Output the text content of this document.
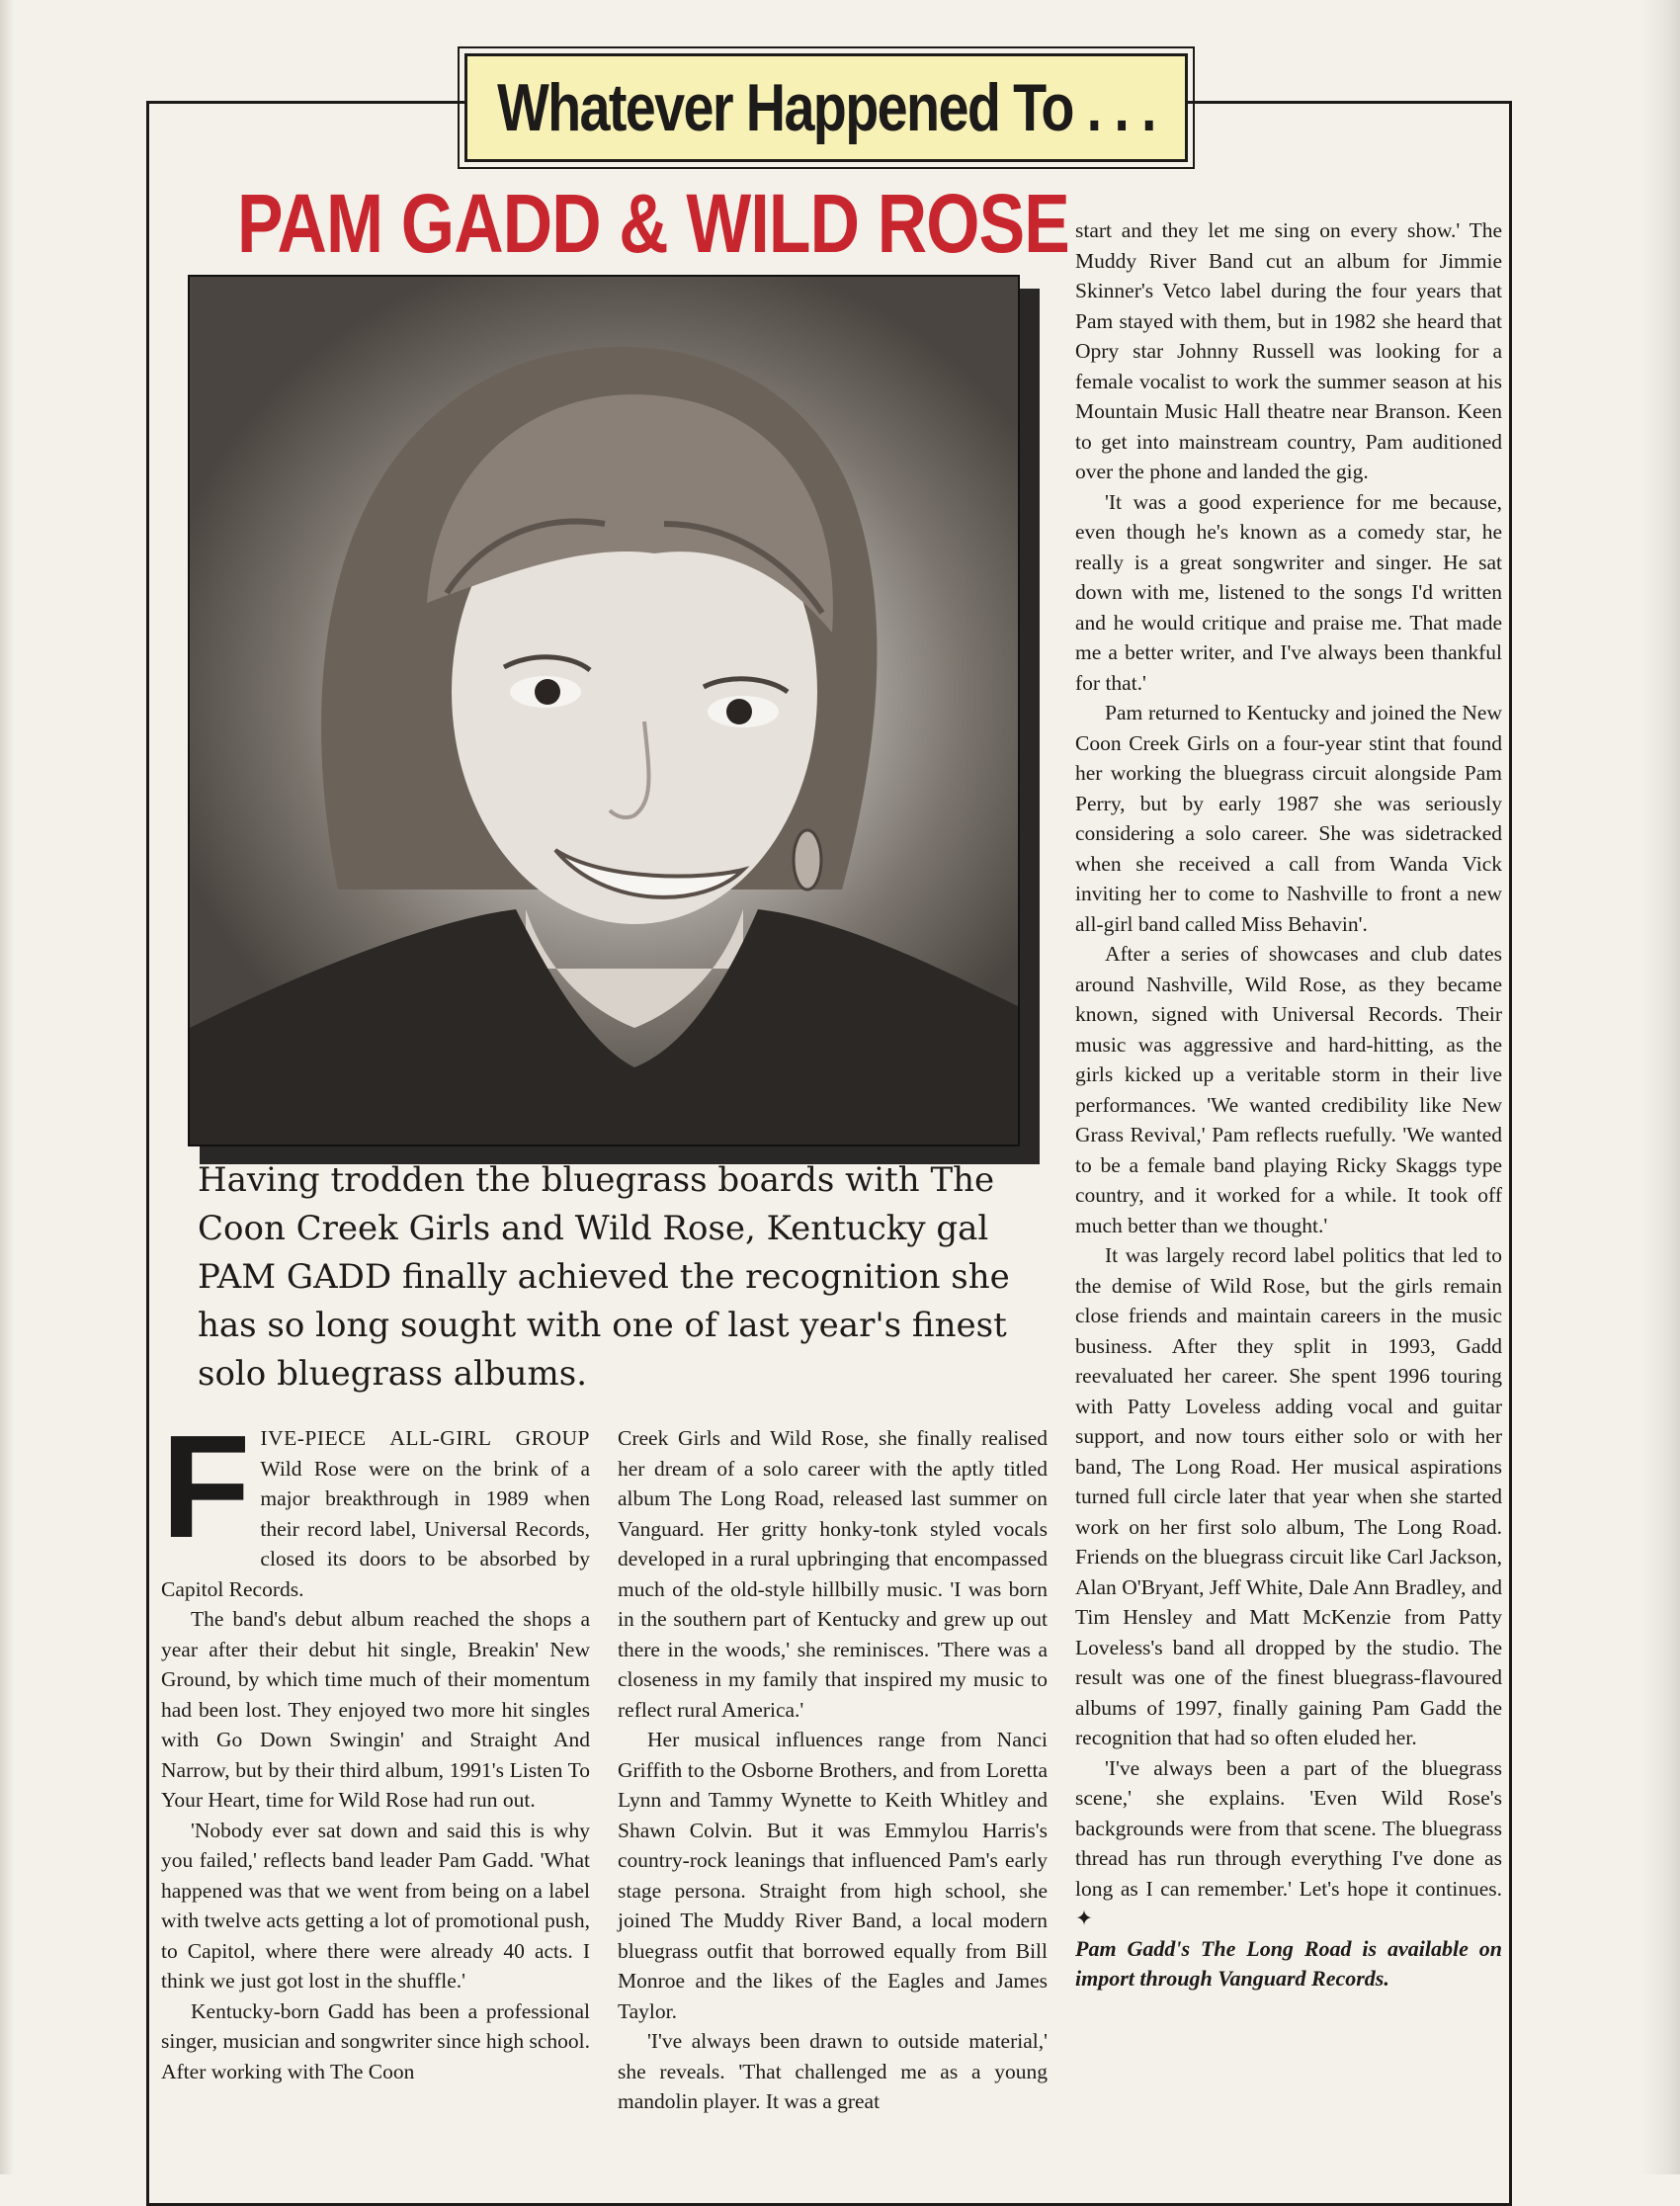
Whatever Happened To . . .
PAM GADD & WILD ROSE
Having trodden the bluegrass boards with The Coon Creek Girls and Wild Rose, Kentucky gal PAM GADD finally achieved the recognition she has so long sought with one of last year's finest solo bluegrass albums.

FIVE-PIECE ALL-GIRL GROUP Wild Rose were on the brink of a major breakthrough in 1989 when their record label, Universal Records, closed its doors to be absorbed by Capitol Records.

The band's debut album reached the shops a year after their debut hit single, Breakin' New Ground, by which time much of their momentum had been lost. They enjoyed two more hit singles with Go Down Swingin' and Straight And Narrow, but by their third album, 1991's Listen To Your Heart, time for Wild Rose had run out.

'Nobody ever sat down and said this is why you failed,' reflects band leader Pam Gadd. 'What happened was that we went from being on a label with twelve acts getting a lot of promotional push, to Capitol, where there were already 40 acts. I think we just got lost in the shuffle.'

Kentucky-born Gadd has been a professional singer, musician and songwriter since high school. After working with The Coon

Creek Girls and Wild Rose, she finally realised her dream of a solo career with the aptly titled album The Long Road, released last summer on Vanguard. Her gritty honky-tonk styled vocals developed in a rural upbringing that encompassed much of the old-style hillbilly music. 'I was born in the southern part of Kentucky and grew up out there in the woods,' she reminisces. 'There was a closeness in my family that inspired my music to reflect rural America.'

Her musical influences range from Nanci Griffith to the Osborne Brothers, and from Loretta Lynn and Tammy Wynette to Keith Whitley and Shawn Colvin. But it was Emmylou Harris's country-rock leanings that influenced Pam's early stage persona. Straight from high school, she joined The Muddy River Band, a local modern bluegrass outfit that borrowed equally from Bill Monroe and the likes of the Eagles and James Taylor.

'I've always been drawn to outside material,' she reveals. 'That challenged me as a young mandolin player. It was a great

start and they let me sing on every show.' The Muddy River Band cut an album for Jimmie Skinner's Vetco label during the four years that Pam stayed with them, but in 1982 she heard that Opry star Johnny Russell was looking for a female vocalist to work the summer season at his Mountain Music Hall theatre near Branson. Keen to get into mainstream country, Pam auditioned over the phone and landed the gig.

'It was a good experience for me because, even though he's known as a comedy star, he really is a great songwriter and singer. He sat down with me, listened to the songs I'd written and he would critique and praise me. That made me a better writer, and I've always been thankful for that.'

Pam returned to Kentucky and joined the New Coon Creek Girls on a four-year stint that found her working the bluegrass circuit alongside Pam Perry, but by early 1987 she was seriously considering a solo career. She was sidetracked when she received a call from Wanda Vick inviting her to come to Nashville to front a new all-girl band called Miss Behavin'.

After a series of showcases and club dates around Nashville, Wild Rose, as they became known, signed with Universal Records. Their music was aggressive and hard-hitting, as the girls kicked up a veritable storm in their live performances. 'We wanted credibility like New Grass Revival,' Pam reflects ruefully. 'We wanted to be a female band playing Ricky Skaggs type country, and it worked for a while. It took off much better than we thought.'

It was largely record label politics that led to the demise of Wild Rose, but the girls remain close friends and maintain careers in the music business. After they split in 1993, Gadd reevaluated her career. She spent 1996 touring with Patty Loveless adding vocal and guitar support, and now tours either solo or with her band, The Long Road. Her musical aspirations turned full circle later that year when she started work on her first solo album, The Long Road. Friends on the bluegrass circuit like Carl Jackson, Alan O'Bryant, Jeff White, Dale Ann Bradley, and Tim Hensley and Matt McKenzie from Patty Loveless's band all dropped by the studio. The result was one of the finest bluegrass-flavoured albums of 1997, finally gaining Pam Gadd the recognition that had so often eluded her.

'I've always been a part of the bluegrass scene,' she explains. 'Even Wild Rose's backgrounds were from that scene. The bluegrass thread has run through everything I've done as long as I can remember.' Let's hope it continues. ✦

Pam Gadd's The Long Road is available on import through Vanguard Records.
